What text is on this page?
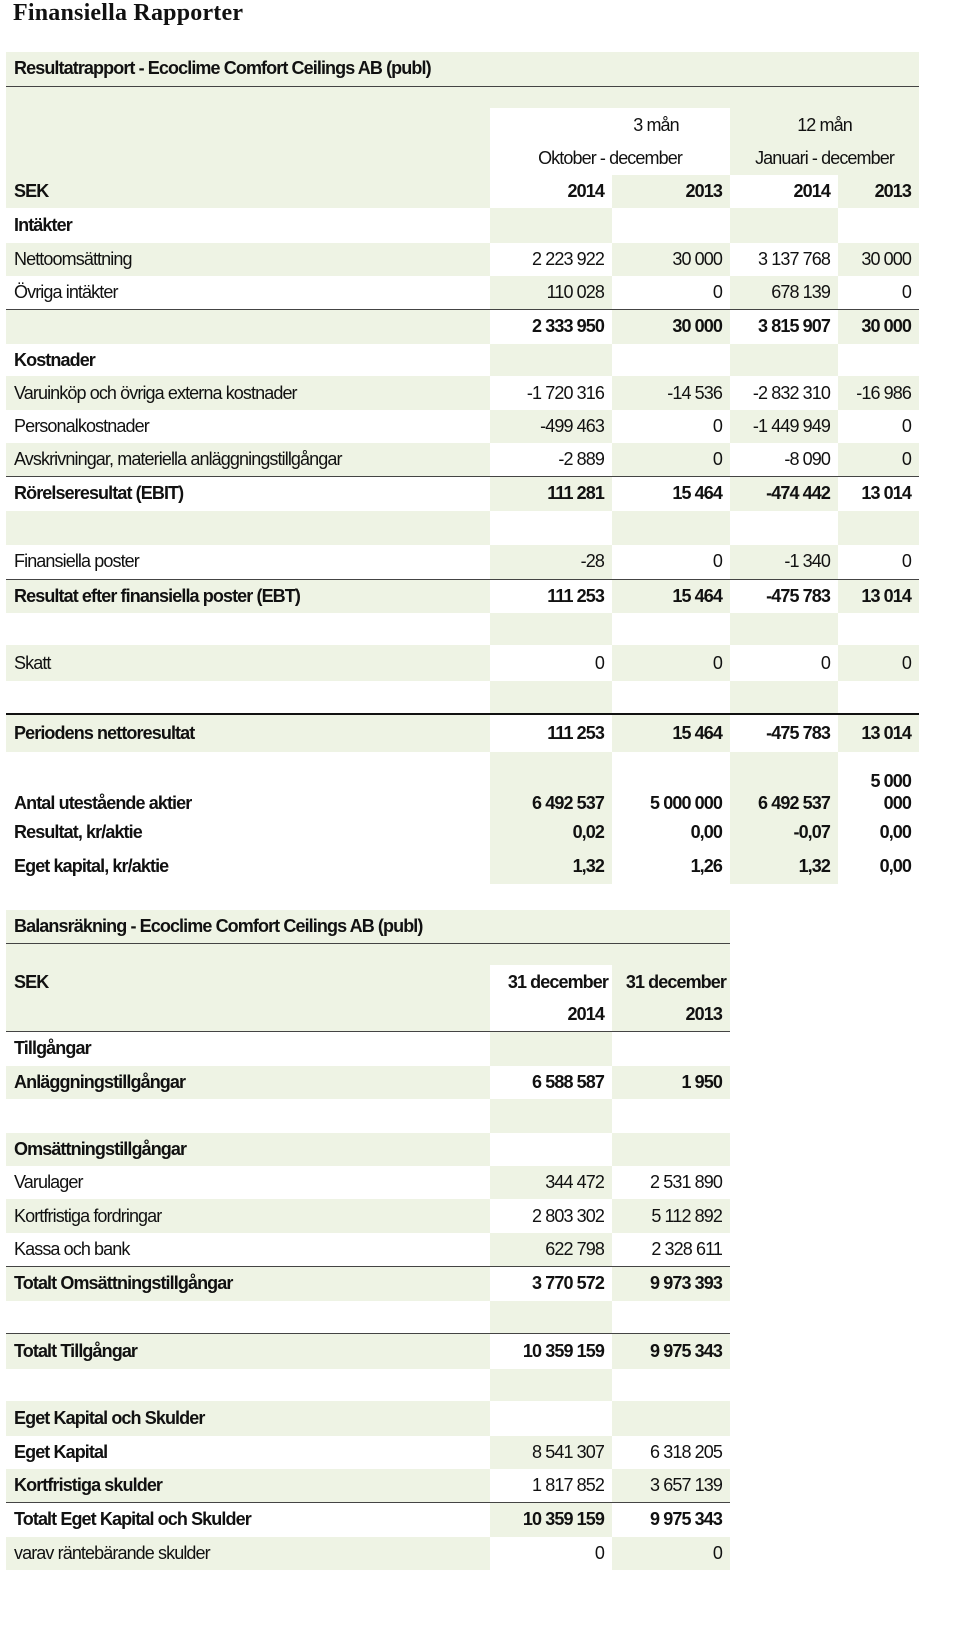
Finansiella Rapporter
Resultatrapport - Ecoclime Comfort Ceilings AB (publ)				

	3 mån		12 mån	
	Oktober - december		Januari - december	
SEK	2014	2013	2014	2013
Intäkter				
Nettoomsättning	2 223 922	30 000	3 137 768	30 000
Övriga intäkter	110 028	0	678 139	0
	2 333 950	30 000	3 815 907	30 000
Kostnader				
Varuinköp och övriga externa kostnader	-1 720 316	-14 536	-2 832 310	-16 986
Personalkostnader	-499 463	0	-1 449 949	0
Avskrivningar, materiella anläggningstillgångar	-2 889	0	-8 090	0
Rörelseresultat (EBIT)	111 281	15 464	-474 442	13 014

Finansiella poster	-28	0	-1 340	0
Resultat efter finansiella poster (EBT)	111 253	15 464	-475 783	13 014

Skatt	0	0	0	0

Periodens nettoresultat	111 253	15 464	-475 783	13 014
Antal utestående aktier	6 492 537	5 000 000	6 492 537	5 000
000
Resultat, kr/aktie	0,02	0,00	-0,07	0,00
Eget kapital, kr/aktie	1,32	1,26	1,32	0,00
Balansräkning - Ecoclime Comfort Ceilings AB (publ)		

SEK	31 december	31 december
	2014	2013
Tillgångar		
Anläggningstillgångar	6 588 587	1 950

Omsättningstillgångar		
Varulager	344 472	2 531 890
Kortfristiga fordringar	2 803 302	5 112 892
Kassa och bank	622 798	2 328 611
Totalt Omsättningstillgångar	3 770 572	9 973 393

Totalt Tillgångar	10 359 159	9 975 343

Eget Kapital och Skulder		
Eget Kapital	8 541 307	6 318 205
Kortfristiga skulder	1 817 852	3 657 139
Totalt Eget Kapital och Skulder	10 359 159	9 975 343
varav räntebärande skulder	0	0
